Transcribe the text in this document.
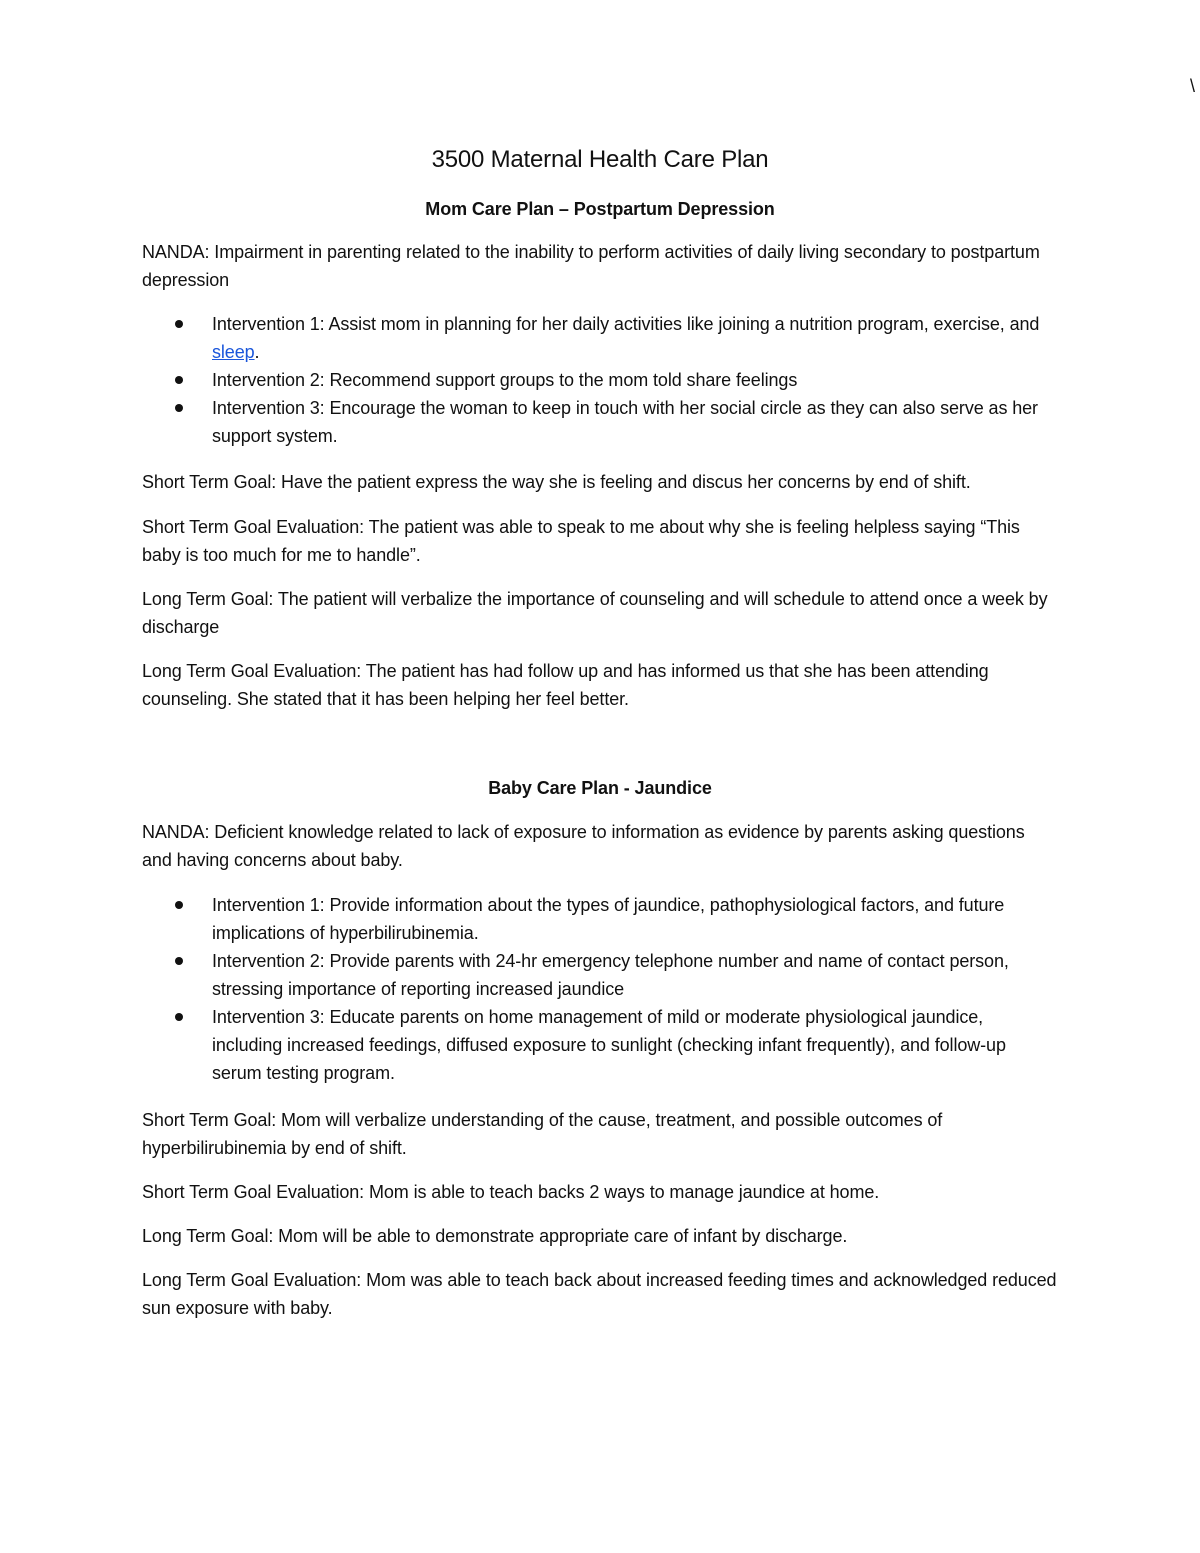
\
3500 Maternal Health Care Plan
Mom Care Plan – Postpartum Depression

NANDA: Impairment in parenting related to the inability to perform activities of daily living secondary to postpartum depression

Intervention 1: Assist mom in planning for her daily activities like joining a nutrition program, exercise, and sleep.
Intervention 2: Recommend support groups to the mom told share feelings
Intervention 3: Encourage the woman to keep in touch with her social circle as they can also serve as her support system.

Short Term Goal: Have the patient express the way she is feeling and discus her concerns by end of shift.

Short Term Goal Evaluation: The patient was able to speak to me about why she is feeling helpless saying “This baby is too much for me to handle”.

Long Term Goal: The patient will verbalize the importance of counseling and will schedule to attend once a week by discharge

Long Term Goal Evaluation: The patient has had follow up and has informed us that she has been attending counseling. She stated that it has been helping her feel better.

Baby Care Plan - Jaundice

NANDA: Deficient knowledge related to lack of exposure to information as evidence by parents asking questions and having concerns about baby.

Intervention 1: Provide information about the types of jaundice, pathophysiological factors, and future implications of hyperbilirubinemia.
Intervention 2: Provide parents with 24-hr emergency telephone number and name of contact person, stressing importance of reporting increased jaundice
Intervention 3: Educate parents on home management of mild or moderate physiological jaundice, including increased feedings, diffused exposure to sunlight (checking infant frequently), and follow-up serum testing program.

Short Term Goal: Mom will verbalize understanding of the cause, treatment, and possible outcomes of hyperbilirubinemia by end of shift.

Short Term Goal Evaluation: Mom is able to teach backs 2 ways to manage jaundice at home.

Long Term Goal: Mom will be able to demonstrate appropriate care of infant by discharge.

Long Term Goal Evaluation: Mom was able to teach back about increased feeding times and acknowledged reduced sun exposure with baby.
